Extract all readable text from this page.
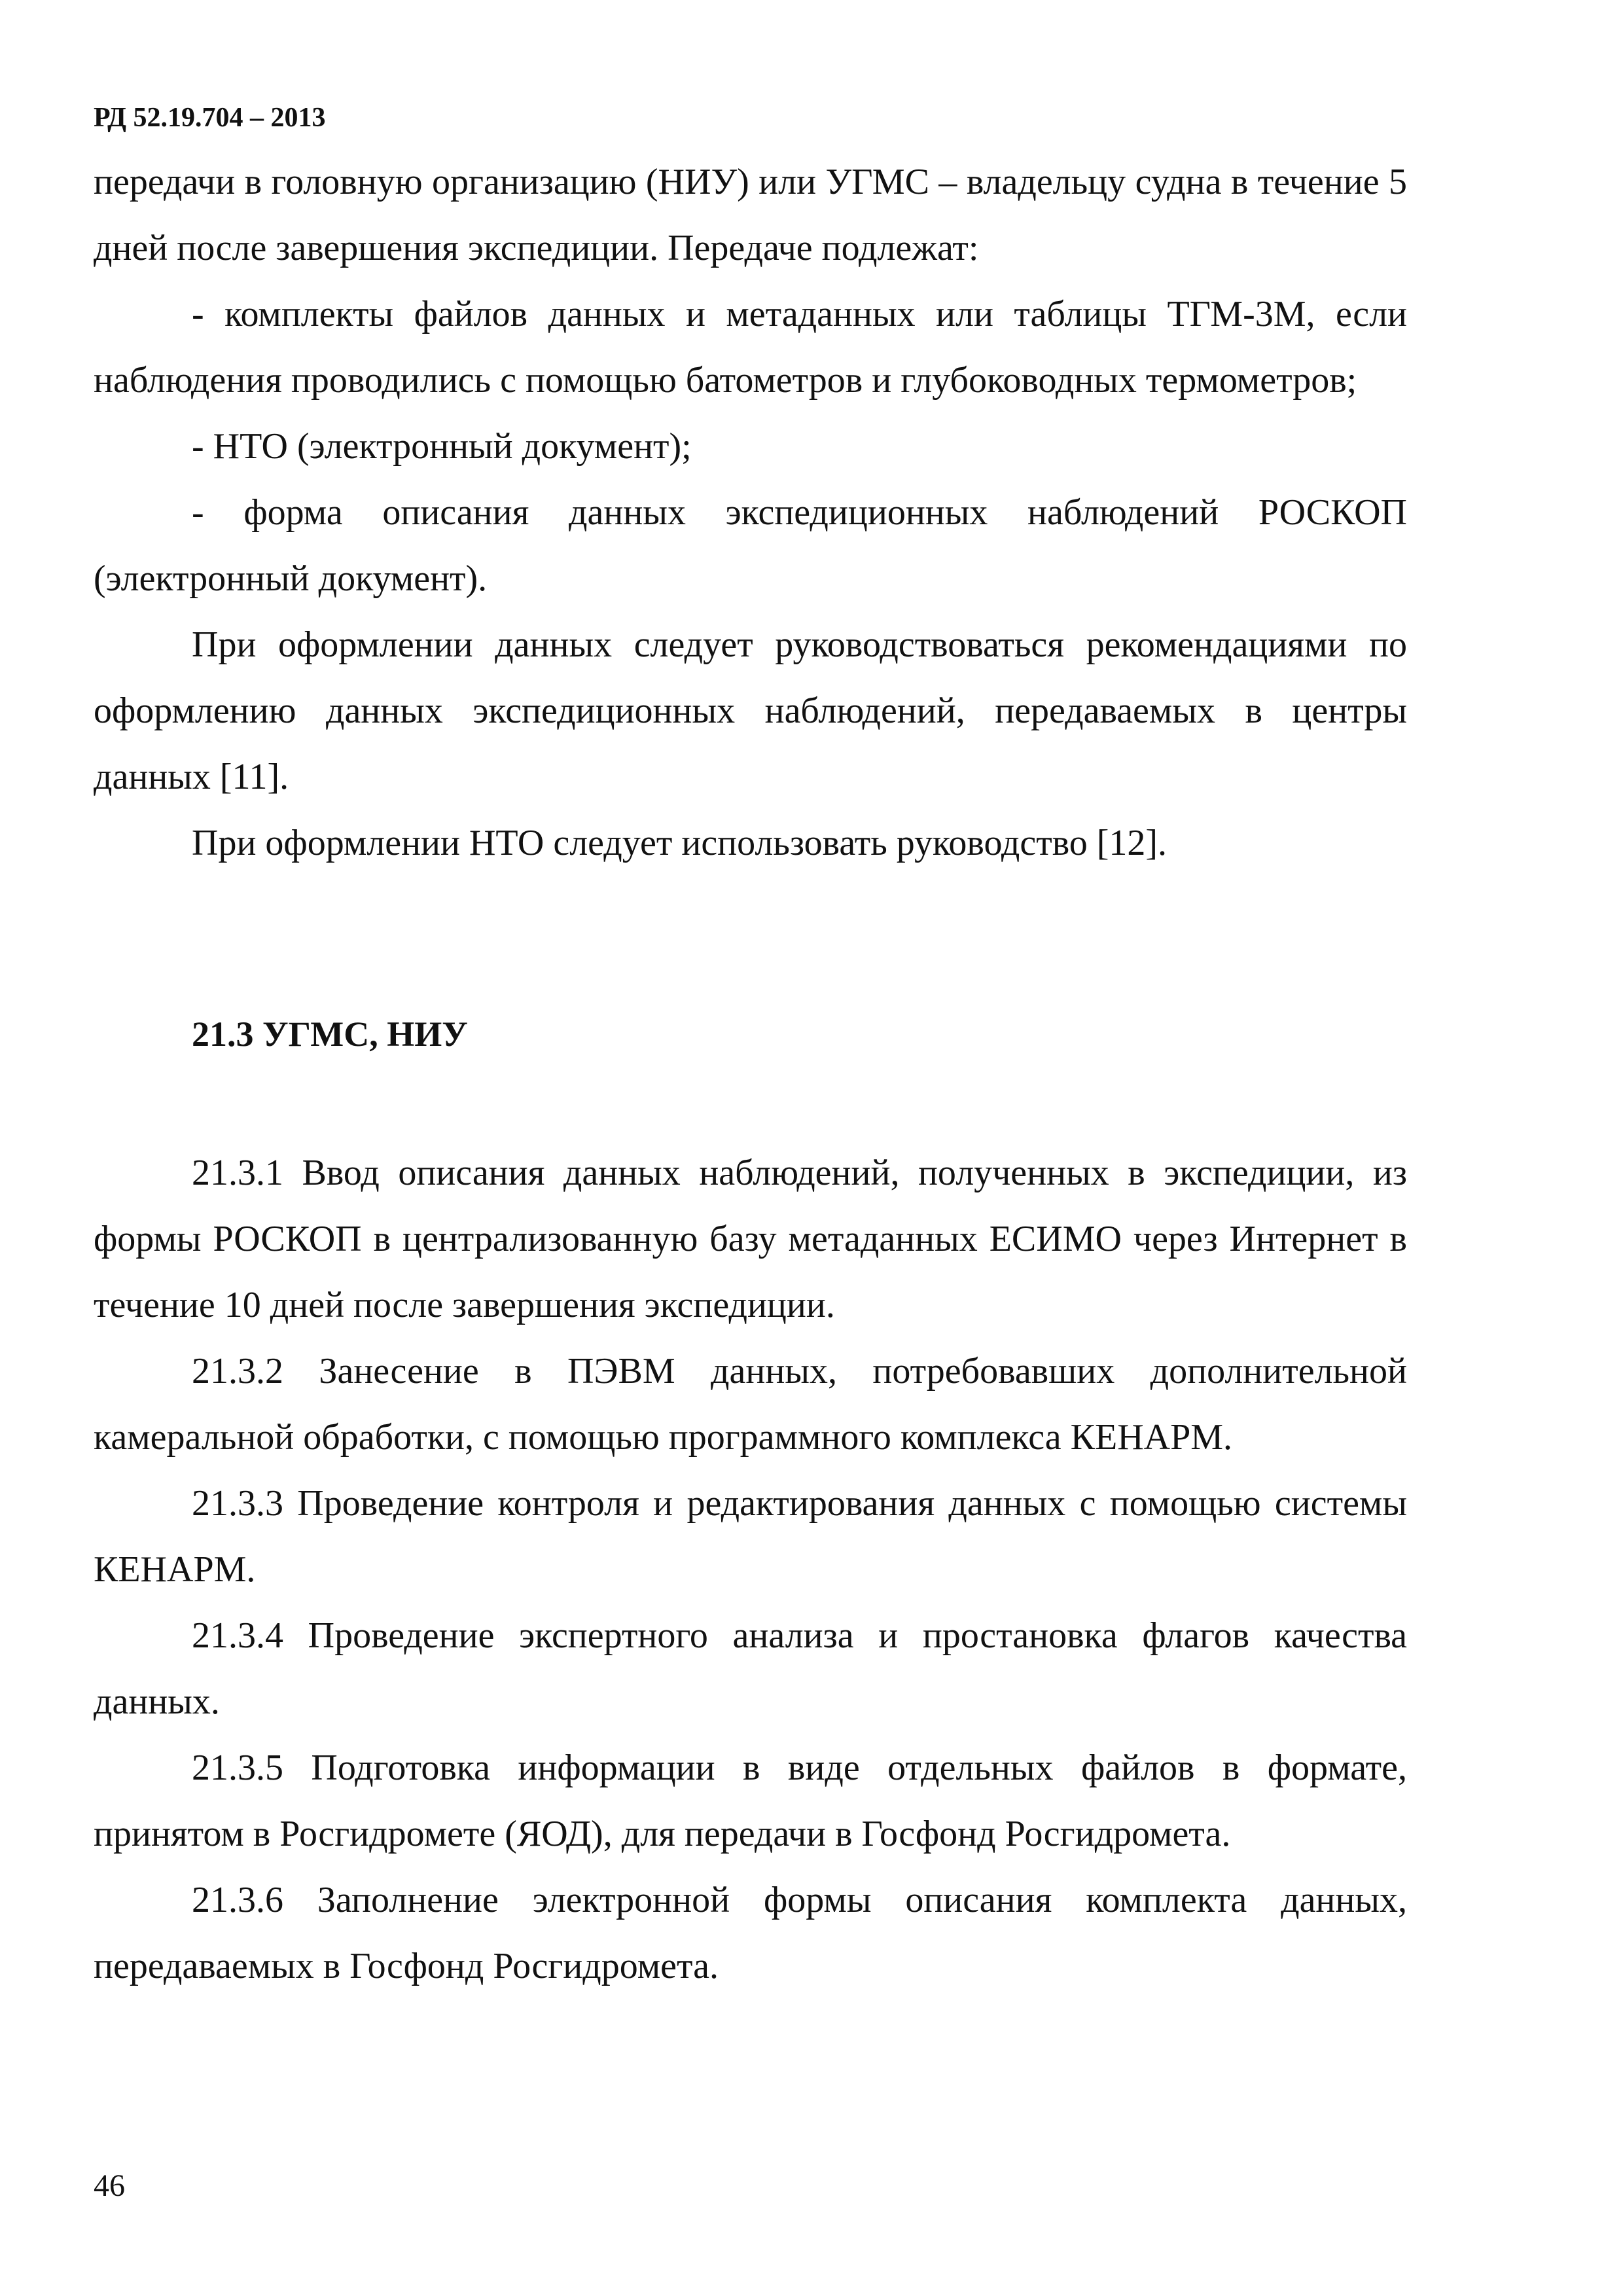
РД 52.19.704 – 2013

передачи в головную организацию (НИУ) или УГМС – владельцу судна в течение 5 дней после завершения экспедиции. Передаче подлежат:

- комплекты файлов данных и метаданных или таблицы ТГМ-3М, если наблюдения проводились с помощью батометров и глубоководных термометров;

- НТО (электронный документ);

- форма описания данных экспедиционных наблюдений РОСКОП (электронный документ).

При оформлении данных следует руководствоваться рекомендациями по оформлению данных экспедиционных наблюдений, передаваемых в центры данных [11].

При оформлении НТО следует использовать руководство [12].

21.3 УГМС, НИУ

21.3.1 Ввод описания данных наблюдений, полученных в экспедиции, из формы РОСКОП в централизованную базу метаданных ЕСИМО через Интернет в течение 10 дней после завершения экспедиции.

21.3.2 Занесение в ПЭВМ данных, потребовавших дополнительной камеральной обработки, с помощью программного комплекса КЕНАРМ.

21.3.3 Проведение контроля и редактирования данных с помощью системы КЕНАРМ.

21.3.4 Проведение экспертного анализа и простановка флагов качества данных.

21.3.5 Подготовка информации в виде отдельных файлов в формате, принятом в Росгидромете (ЯОД), для передачи в Госфонд Росгидромета.

21.3.6 Заполнение электронной формы описания комплекта данных, передаваемых в Госфонд Росгидромета.

46
